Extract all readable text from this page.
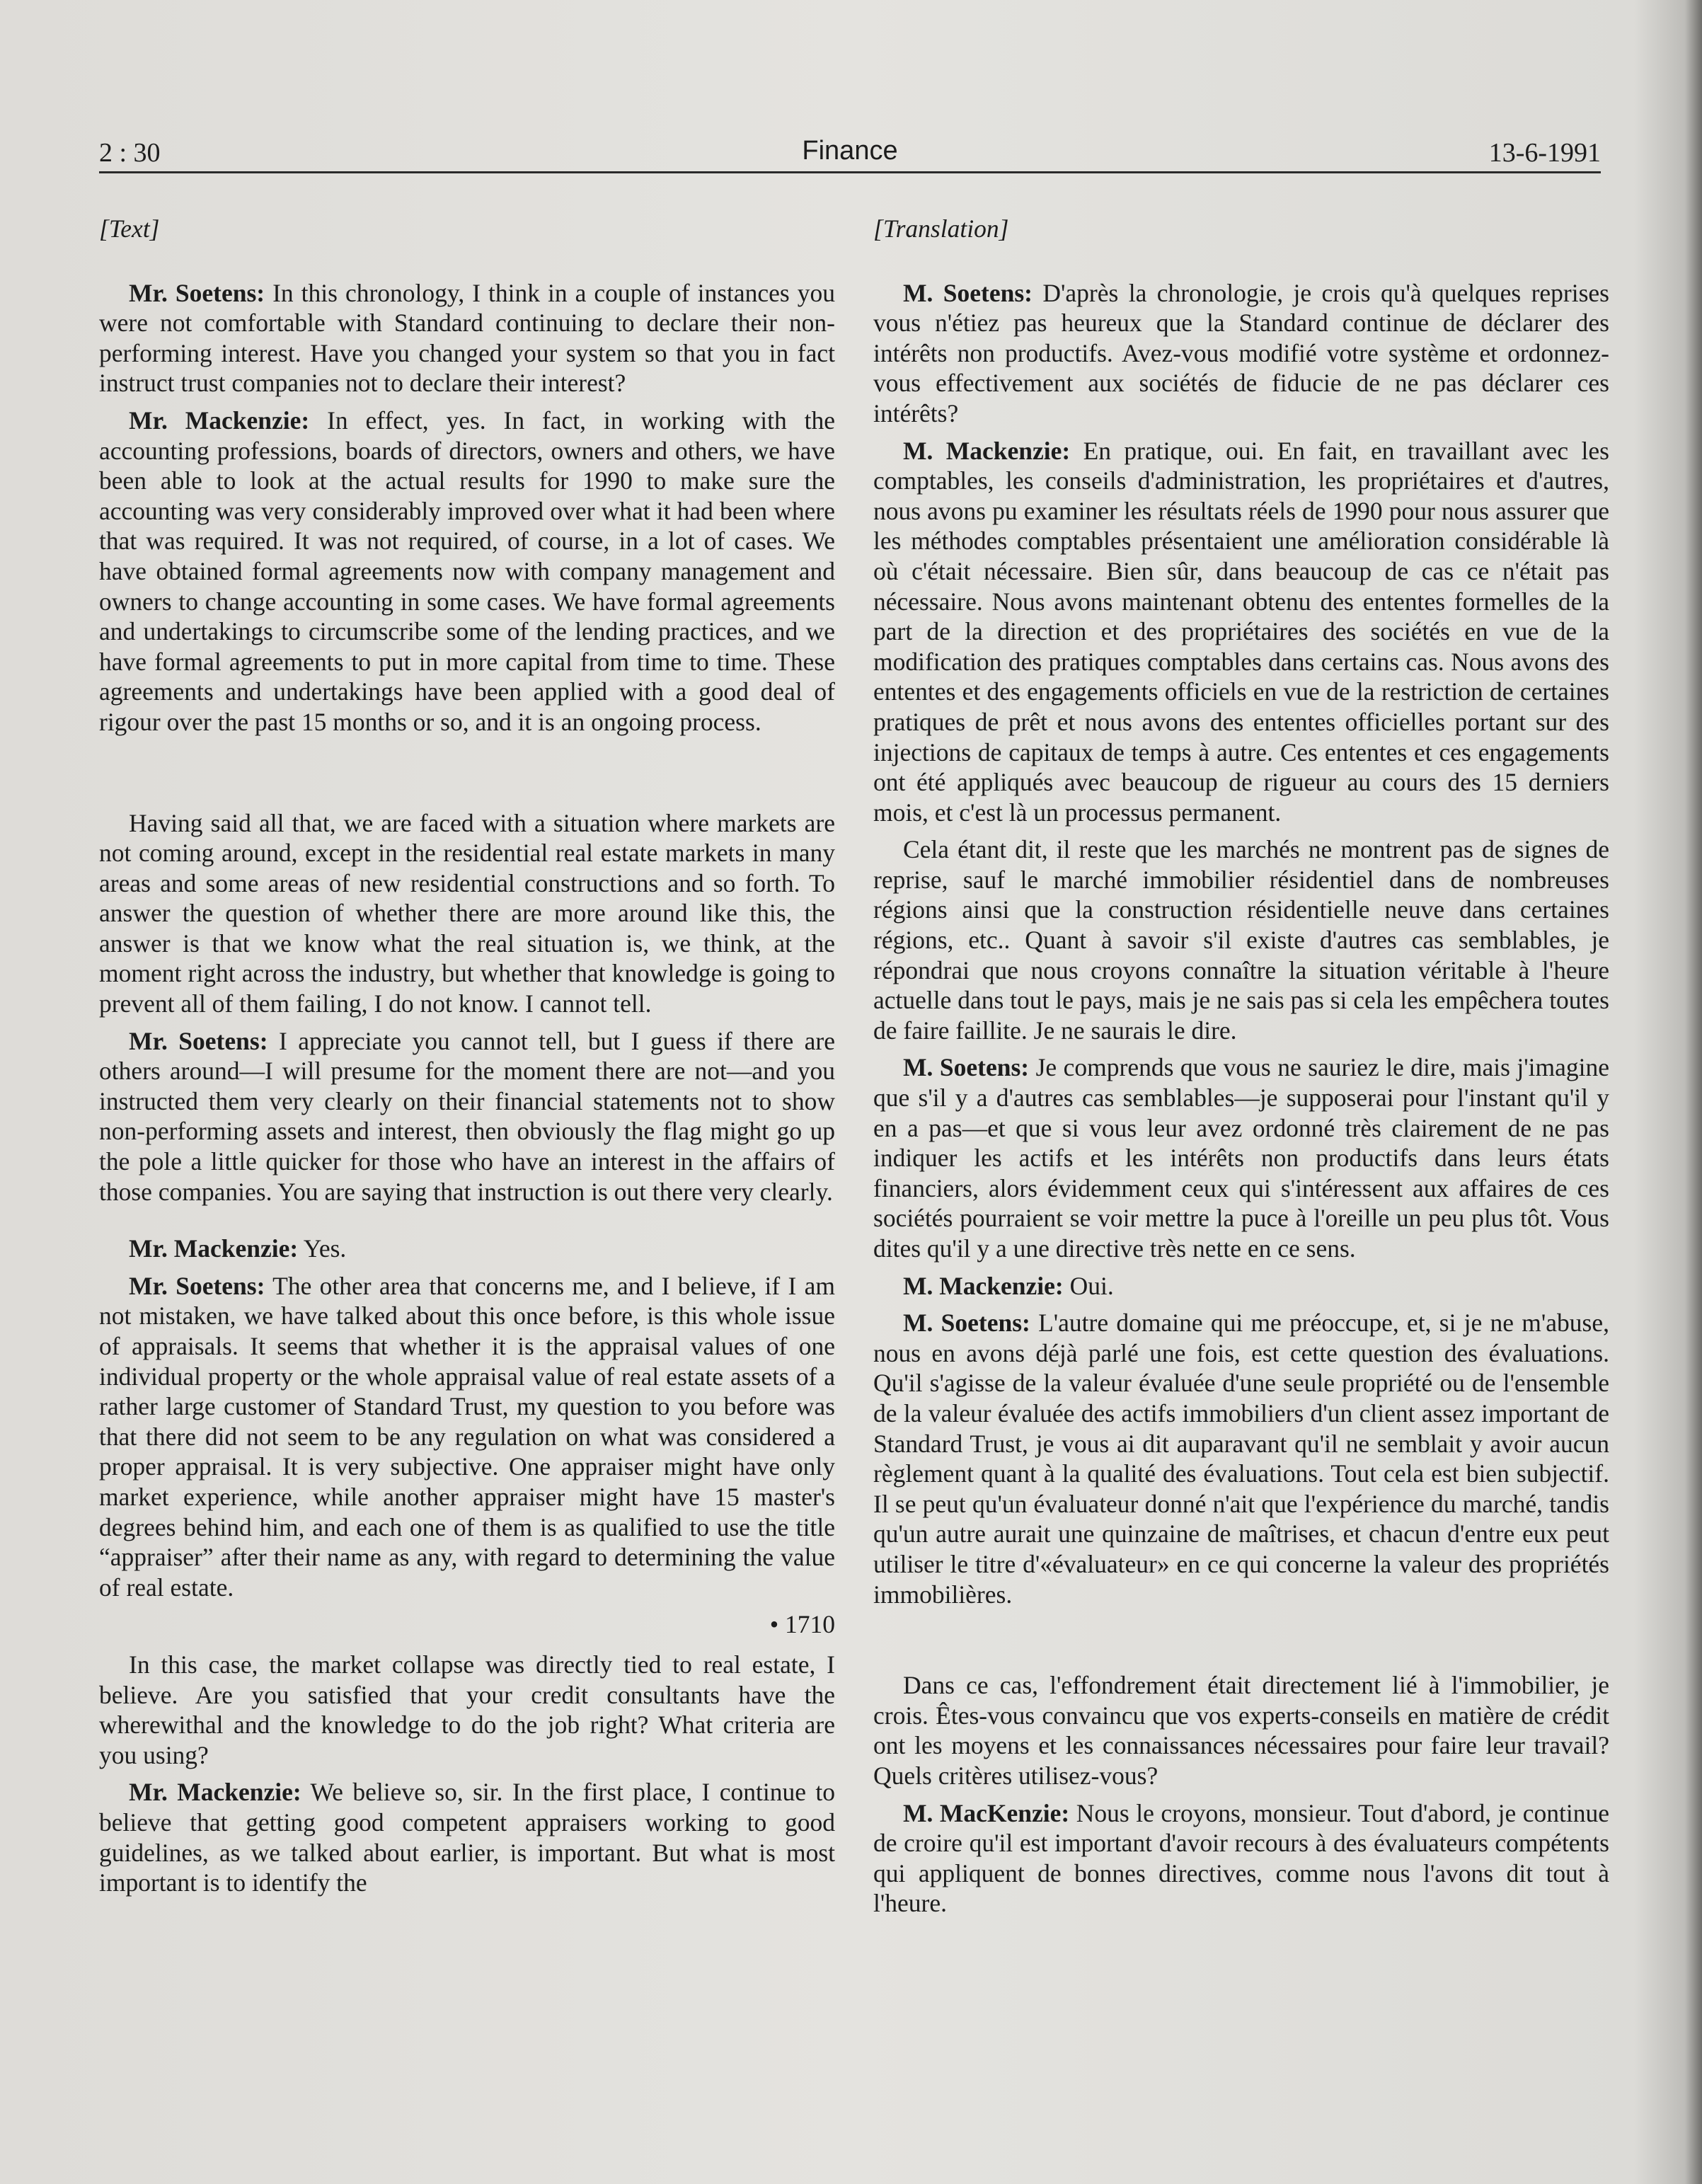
2 : 30	Finance	13-6-1991
[Text]

Mr. Soetens: In this chronology, I think in a couple of instances you were not comfortable with Standard continuing to declare their non-performing interest. Have you changed your system so that you in fact instruct trust companies not to declare their interest?

Mr. Mackenzie: In effect, yes. In fact, in working with the accounting professions, boards of directors, owners and others, we have been able to look at the actual results for 1990 to make sure the accounting was very considerably improved over what it had been where that was required. It was not required, of course, in a lot of cases. We have obtained formal agreements now with company management and owners to change accounting in some cases. We have formal agreements and undertakings to circumscribe some of the lending practices, and we have formal agreements to put in more capital from time to time. These agreements and undertakings have been applied with a good deal of rigour over the past 15 months or so, and it is an ongoing process.

Having said all that, we are faced with a situation where markets are not coming around, except in the residential real estate markets in many areas and some areas of new residential constructions and so forth. To answer the question of whether there are more around like this, the answer is that we know what the real situation is, we think, at the moment right across the industry, but whether that knowledge is going to prevent all of them failing, I do not know. I cannot tell.

Mr. Soetens: I appreciate you cannot tell, but I guess if there are others around—I will presume for the moment there are not—and you instructed them very clearly on their financial statements not to show non-performing assets and interest, then obviously the flag might go up the pole a little quicker for those who have an interest in the affairs of those companies. You are saying that instruction is out there very clearly.

Mr. Mackenzie: Yes.

Mr. Soetens: The other area that concerns me, and I believe, if I am not mistaken, we have talked about this once before, is this whole issue of appraisals. It seems that whether it is the appraisal values of one individual property or the whole appraisal value of real estate assets of a rather large customer of Standard Trust, my question to you before was that there did not seem to be any regulation on what was considered a proper appraisal. It is very subjective. One appraiser might have only market experience, while another appraiser might have 15 master's degrees behind him, and each one of them is as qualified to use the title “appraiser” after their name as any, with regard to determining the value of real estate.

• 1710

In this case, the market collapse was directly tied to real estate, I believe. Are you satisfied that your credit consultants have the wherewithal and the knowledge to do the job right? What criteria are you using?

Mr. Mackenzie: We believe so, sir. In the first place, I continue to believe that getting good competent appraisers working to good guidelines, as we talked about earlier, is important. But what is most important is to identify the

[Translation]

M. Soetens: D'après la chronologie, je crois qu'à quelques reprises vous n'étiez pas heureux que la Standard continue de déclarer des intérêts non productifs. Avez-vous modifié votre système et ordonnez-vous effectivement aux sociétés de fiducie de ne pas déclarer ces intérêts?

M. Mackenzie: En pratique, oui. En fait, en travaillant avec les comptables, les conseils d'administration, les propriétaires et d'autres, nous avons pu examiner les résultats réels de 1990 pour nous assurer que les méthodes comptables présentaient une amélioration considérable là où c'était nécessaire. Bien sûr, dans beaucoup de cas ce n'était pas nécessaire. Nous avons maintenant obtenu des ententes formelles de la part de la direction et des propriétaires des sociétés en vue de la modification des pratiques comptables dans certains cas. Nous avons des ententes et des engagements officiels en vue de la restriction de certaines pratiques de prêt et nous avons des ententes officielles portant sur des injections de capitaux de temps à autre. Ces ententes et ces engagements ont été appliqués avec beaucoup de rigueur au cours des 15 derniers mois, et c'est là un processus permanent.

Cela étant dit, il reste que les marchés ne montrent pas de signes de reprise, sauf le marché immobilier résidentiel dans de nombreuses régions ainsi que la construction résidentielle neuve dans certaines régions, etc.. Quant à savoir s'il existe d'autres cas semblables, je répondrai que nous croyons connaître la situation véritable à l'heure actuelle dans tout le pays, mais je ne sais pas si cela les empêchera toutes de faire faillite. Je ne saurais le dire.

M. Soetens: Je comprends que vous ne sauriez le dire, mais j'imagine que s'il y a d'autres cas semblables—je supposerai pour l'instant qu'il y en a pas—et que si vous leur avez ordonné très clairement de ne pas indiquer les actifs et les intérêts non productifs dans leurs états financiers, alors évidemment ceux qui s'intéressent aux affaires de ces sociétés pourraient se voir mettre la puce à l'oreille un peu plus tôt. Vous dites qu'il y a une directive très nette en ce sens.

M. Mackenzie: Oui.

M. Soetens: L'autre domaine qui me préoccupe, et, si je ne m'abuse, nous en avons déjà parlé une fois, est cette question des évaluations. Qu'il s'agisse de la valeur évaluée d'une seule propriété ou de l'ensemble de la valeur évaluée des actifs immobiliers d'un client assez important de Standard Trust, je vous ai dit auparavant qu'il ne semblait y avoir aucun règlement quant à la qualité des évaluations. Tout cela est bien subjectif. Il se peut qu'un évaluateur donné n'ait que l'expérience du marché, tandis qu'un autre aurait une quinzaine de maîtrises, et chacun d'entre eux peut utiliser le titre d'«évaluateur» en ce qui concerne la valeur des propriétés immobilières.

Dans ce cas, l'effondrement était directement lié à l'immobilier, je crois. Êtes-vous convaincu que vos experts-conseils en matière de crédit ont les moyens et les connaissances nécessaires pour faire leur travail? Quels critères utilisez-vous?

M. MacKenzie: Nous le croyons, monsieur. Tout d'abord, je continue de croire qu'il est important d'avoir recours à des évaluateurs compétents qui appliquent de bonnes directives, comme nous l'avons dit tout à l'heure.
